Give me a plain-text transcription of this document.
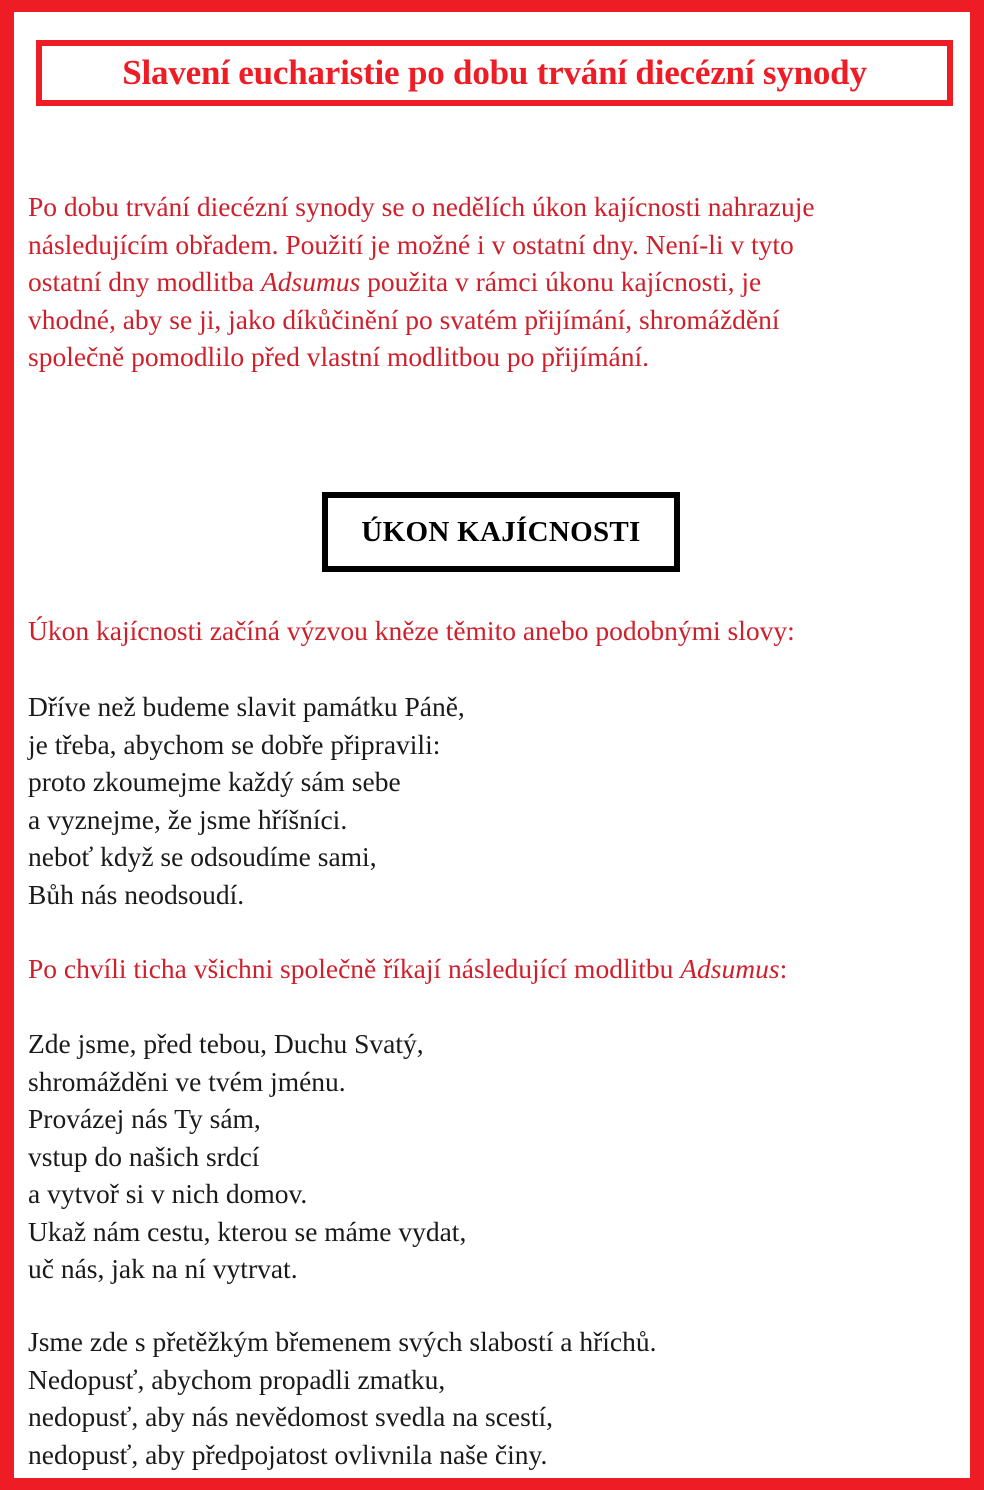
Slavení eucharistie po dobu trvání diecézní synody
Po dobu trvání diecézní synody se o nedělích úkon kajícnosti nahrazuje
následujícím obřadem. Použití je možné i v ostatní dny. Není-li v tyto
ostatní dny modlitba Adsumus použita v rámci úkonu kajícnosti, je
vhodné, aby se ji, jako díkůčinění po svatém přijímání, shromáždění
společně pomodlilo před vlastní modlitbou po přijímání.
ÚKON KAJÍCNOSTI
Úkon kajícnosti začíná výzvou kněze těmito anebo podobnými slovy:
Dříve než budeme slavit památku Páně,
je třeba, abychom se dobře připravili:
proto zkoumejme každý sám sebe
a vyznejme, že jsme hříšníci.
neboť když se odsoudíme sami,
Bůh nás neodsoudí.
Po chvíli ticha všichni společně říkají následující modlitbu Adsumus:
Zde jsme, před tebou, Duchu Svatý,
shromážděni ve tvém jménu.
Provázej nás Ty sám,
vstup do našich srdcí
a vytvoř si v nich domov.
Ukaž nám cestu, kterou se máme vydat,
uč nás, jak na ní vytrvat.
Jsme zde s přetěžkým břemenem svých slabostí a hříchů.
Nedopusť, abychom propadli zmatku,
nedopusť, aby nás nevědomost svedla na scestí,
nedopusť, aby předpojatost ovlivnila naše činy.
